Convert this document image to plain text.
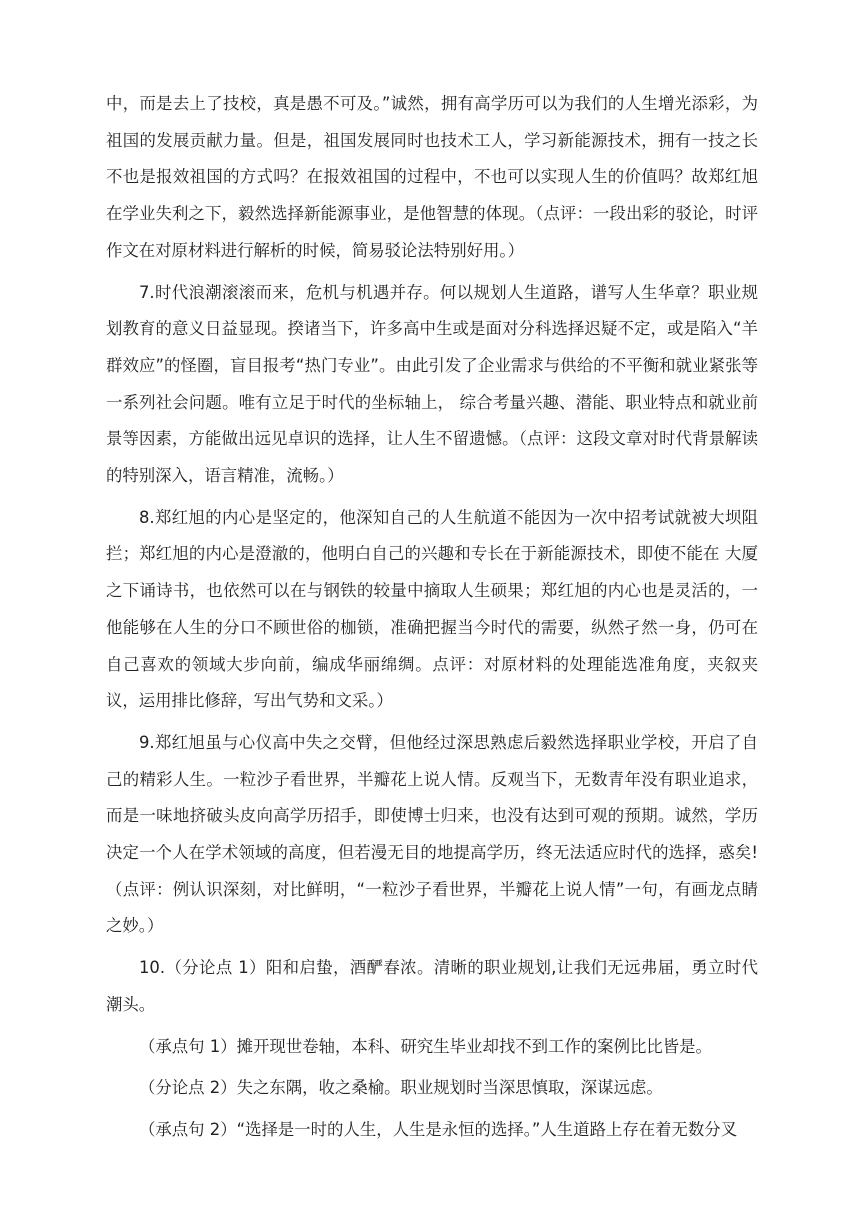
中，而是去上了技校，真是愚不可及。”诚然，拥有高学历可以为我们的人生增光添彩，为祖国的发展贡献力量。但是，祖国发展同时也技术工人，学习新能源技术，拥有一技之长不也是报效祖国的方式吗？在报效祖国的过程中，不也可以实现人生的价值吗？故郑红旭在学业失利之下，毅然选择新能源事业，是他智慧的体现。（点评：一段出彩的驳论，时评作文在对原材料进行解析的时候，简易驳论法特别好用。）

7.时代浪潮滚滚而来，危机与机遇并存。何以规划人生道路，谱写人生华章？职业规划教育的意义日益显现。揆诸当下，许多高中生或是面对分科选择迟疑不定，或是陷入“羊群效应”的怪圈，盲目报考“热门专业”。由此引发了企业需求与供给的不平衡和就业紧张等一系列社会问题。唯有立足于时代的坐标轴上， 综合考量兴趣、潜能、职业特点和就业前景等因素，方能做出远见卓识的选择，让人生不留遗憾。（点评：这段文章对时代背景解读的特别深入，语言精准，流畅。）

8.郑红旭的内心是坚定的，他深知自己的人生航道不能因为一次中招考试就被大坝阻拦；郑红旭的内心是澄澈的，他明白自己的兴趣和专长在于新能源技术，即使不能在 大厦之下诵诗书，也依然可以在与钢铁的较量中摘取人生硕果；郑红旭的内心也是灵活的，一他能够在人生的分口不顾世俗的枷锁，准确把握当今时代的需要，纵然孑然一身，仍可在自己喜欢的领域大步向前，编成华丽绵绸。点评：对原材料的处理能选准角度，夹叙夹议，运用排比修辞，写出气势和文采。）

9.郑红旭虽与心仪高中失之交臂，但他经过深思熟虑后毅然选择职业学校，开启了自己的精彩人生。一粒沙子看世界，半瓣花上说人情。反观当下，无数青年没有职业追求，而是一味地挤破头皮向高学历招手，即使博士归来，也没有达到可观的预期。诚然，学历决定一个人在学术领域的高度，但若漫无目的地提高学历，终无法适应时代的选择，惑矣!（点评：例认识深刻，对比鲜明，“一粒沙子看世界，半瓣花上说人情”一句，有画龙点睛之妙。）

10.（分论点 1）阳和启蛰，酒酽春浓。清晰的职业规划,让我们无远弗届，勇立时代潮头。

（承点句 1）摊开现世卷轴，本科、研究生毕业却找不到工作的案例比比皆是。

（分论点 2）失之东隅，收之桑榆。职业规划时当深思慎取，深谋远虑。

（承点句 2）“选择是一时的人生，人生是永恒的选择。”人生道路上存在着无数分叉
